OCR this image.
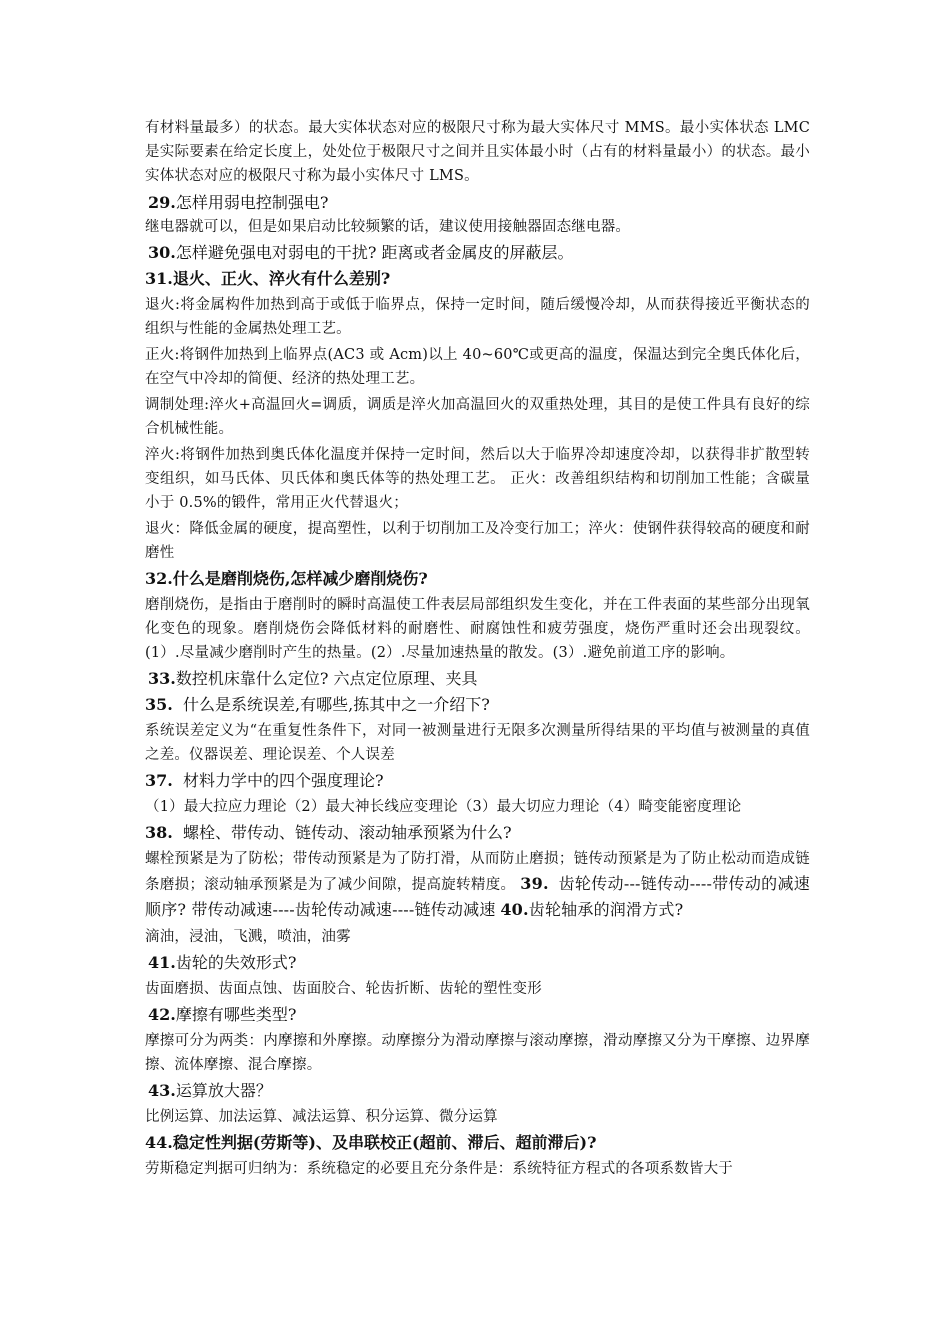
有材料量最多）的状态。最大实体状态对应的极限尺寸称为最大实体尺寸 MMS。最小实体状态 LMC 是实际要素在给定长度上，处处位于极限尺寸之间并且实体最小时（占有的材料量最小）的状态。最小实体状态对应的极限尺寸称为最小实体尺寸 LMS。

29.怎样用弱电控制强电?

继电器就可以，但是如果启动比较频繁的话，建议使用接触器固态继电器。

30.怎样避免强电对弱电的干扰? 距离或者金属皮的屏蔽层。

31.退火、正火、淬火有什么差别?

退火:将金属构件加热到高于或低于临界点，保持一定时间，随后缓慢冷却，从而获得接近平衡状态的组织与性能的金属热处理工艺。

正火:将钢件加热到上临界点(AC3 或 Acm)以上 40~60℃或更高的温度，保温达到完全奥氏体化后，在空气中冷却的简便、经济的热处理工艺。

调制处理:淬火+高温回火=调质，调质是淬火加高温回火的双重热处理，其目的是使工件具有良好的综合机械性能。

淬火:将钢件加热到奥氏体化温度并保持一定时间，然后以大于临界冷却速度冷却，以获得非扩散型转变组织，如马氏体、贝氏体和奥氏体等的热处理工艺。 正火：改善组织结构和切削加工性能；含碳量小于 0.5%的锻件，常用正火代替退火；

退火：降低金属的硬度，提高塑性，以利于切削加工及冷变行加工；淬火：使钢件获得较高的硬度和耐磨性

32.什么是磨削烧伤,怎样减少磨削烧伤?

磨削烧伤，是指由于磨削时的瞬时高温使工件表层局部组织发生变化，并在工件表面的某些部分出现氧化变色的现象。磨削烧伤会降低材料的耐磨性、耐腐蚀性和疲劳强度，烧伤严重时还会出现裂纹。(1）.尽量减少磨削时产生的热量。(2）.尽量加速热量的散发。(3）.避免前道工序的影响。

33.数控机床靠什么定位? 六点定位原理、夹具

35. 什么是系统误差,有哪些,拣其中之一介绍下?

系统误差定义为“在重复性条件下，对同一被测量进行无限多次测量所得结果的平均值与被测量的真值之差。仪器误差、理论误差、个人误差

37. 材料力学中的四个强度理论?

（1）最大拉应力理论（2）最大神长线应变理论（3）最大切应力理论（4）畸变能密度理论

38. 螺栓、带传动、链传动、滚动轴承预紧为什么?

螺栓预紧是为了防松；带传动预紧是为了防打滑，从而防止磨损；链传动预紧是为了防止松动而造成链条磨损；滚动轴承预紧是为了减少间隙，提高旋转精度。 39. 齿轮传动---链传动----带传动的减速顺序? 带传动减速----齿轮传动减速----链传动减速 40.齿轮轴承的润滑方式?

滴油，浸油，飞溅，喷油，油雾

41.齿轮的失效形式?

齿面磨损、齿面点蚀、齿面胶合、轮齿折断、齿轮的塑性变形

42.摩擦有哪些类型?

摩擦可分为两类：内摩擦和外摩擦。动摩擦分为滑动摩擦与滚动摩擦，滑动摩擦又分为干摩擦、边界摩擦、流体摩擦、混合摩擦。

43.运算放大器？

比例运算、加法运算、减法运算、积分运算、微分运算

44.稳定性判据(劳斯等)、及串联校正(超前、滞后、超前滞后)?

劳斯稳定判据可归纳为：系统稳定的必要且充分条件是：系统特征方程式的各项系数皆大于
